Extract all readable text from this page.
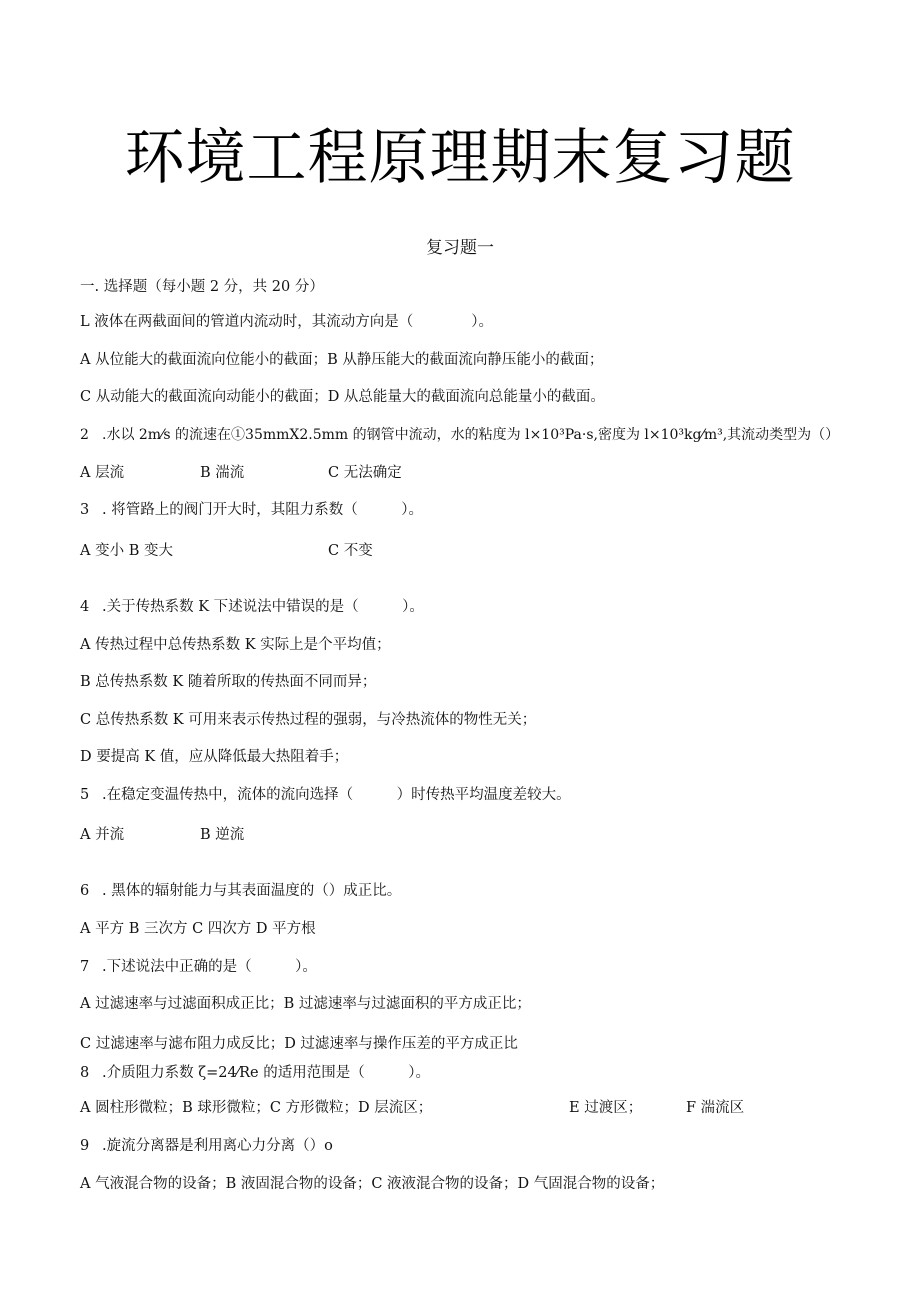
环境工程原理期末复习题
复习题一
一. 选择题（每小题 2 分，共 20 分）
L 液体在两截面间的管道内流动时，其流动方向是（　　　　）。
A 从位能大的截面流向位能小的截面；B 从静压能大的截面流向静压能小的截面；
C 从动能大的截面流向动能小的截面；D 从总能量大的截面流向总能量小的截面。
2 .水以 2m⁄s 的流速在①35mmX2.5mm 的钢管中流动，水的粘度为 l×10³Pa·s,密度为 l×10³kg⁄m³,其流动类型为（）
A 层流	B 湍流	C 无法确定
3 . 将管路上的阀门开大时，其阻力系数（　　　）。
A 变小 B 变大	C 不变
4 .关于传热系数 K 下述说法中错误的是（　　　）。
A 传热过程中总传热系数 K 实际上是个平均值；
B 总传热系数 K 随着所取的传热面不同而异；
C 总传热系数 K 可用来表示传热过程的强弱，与冷热流体的物性无关；
D 要提高 K 值，应从降低最大热阻着手；
5 .在稳定变温传热中，流体的流向选择（　　　）时传热平均温度差较大。
A 并流	B 逆流
6 . 黑体的辐射能力与其表面温度的（）成正比。
A 平方 B 三次方 C 四次方 D 平方根
7 .下述说法中正确的是（　　　）。
A 过滤速率与过滤面积成正比；B 过滤速率与过滤面积的平方成正比；
C 过滤速率与滤布阻力成反比；D 过滤速率与操作压差的平方成正比
8 .介质阻力系数 ζ=24⁄Re 的适用范围是（　　　）。
A 圆柱形微粒；B 球形微粒；C 方形微粒；D 层流区；	E 过渡区；	F 湍流区
9 .旋流分离器是利用离心力分离（）o
A 气液混合物的设备；B 液固混合物的设备；C 液液混合物的设备；D 气固混合物的设备；
